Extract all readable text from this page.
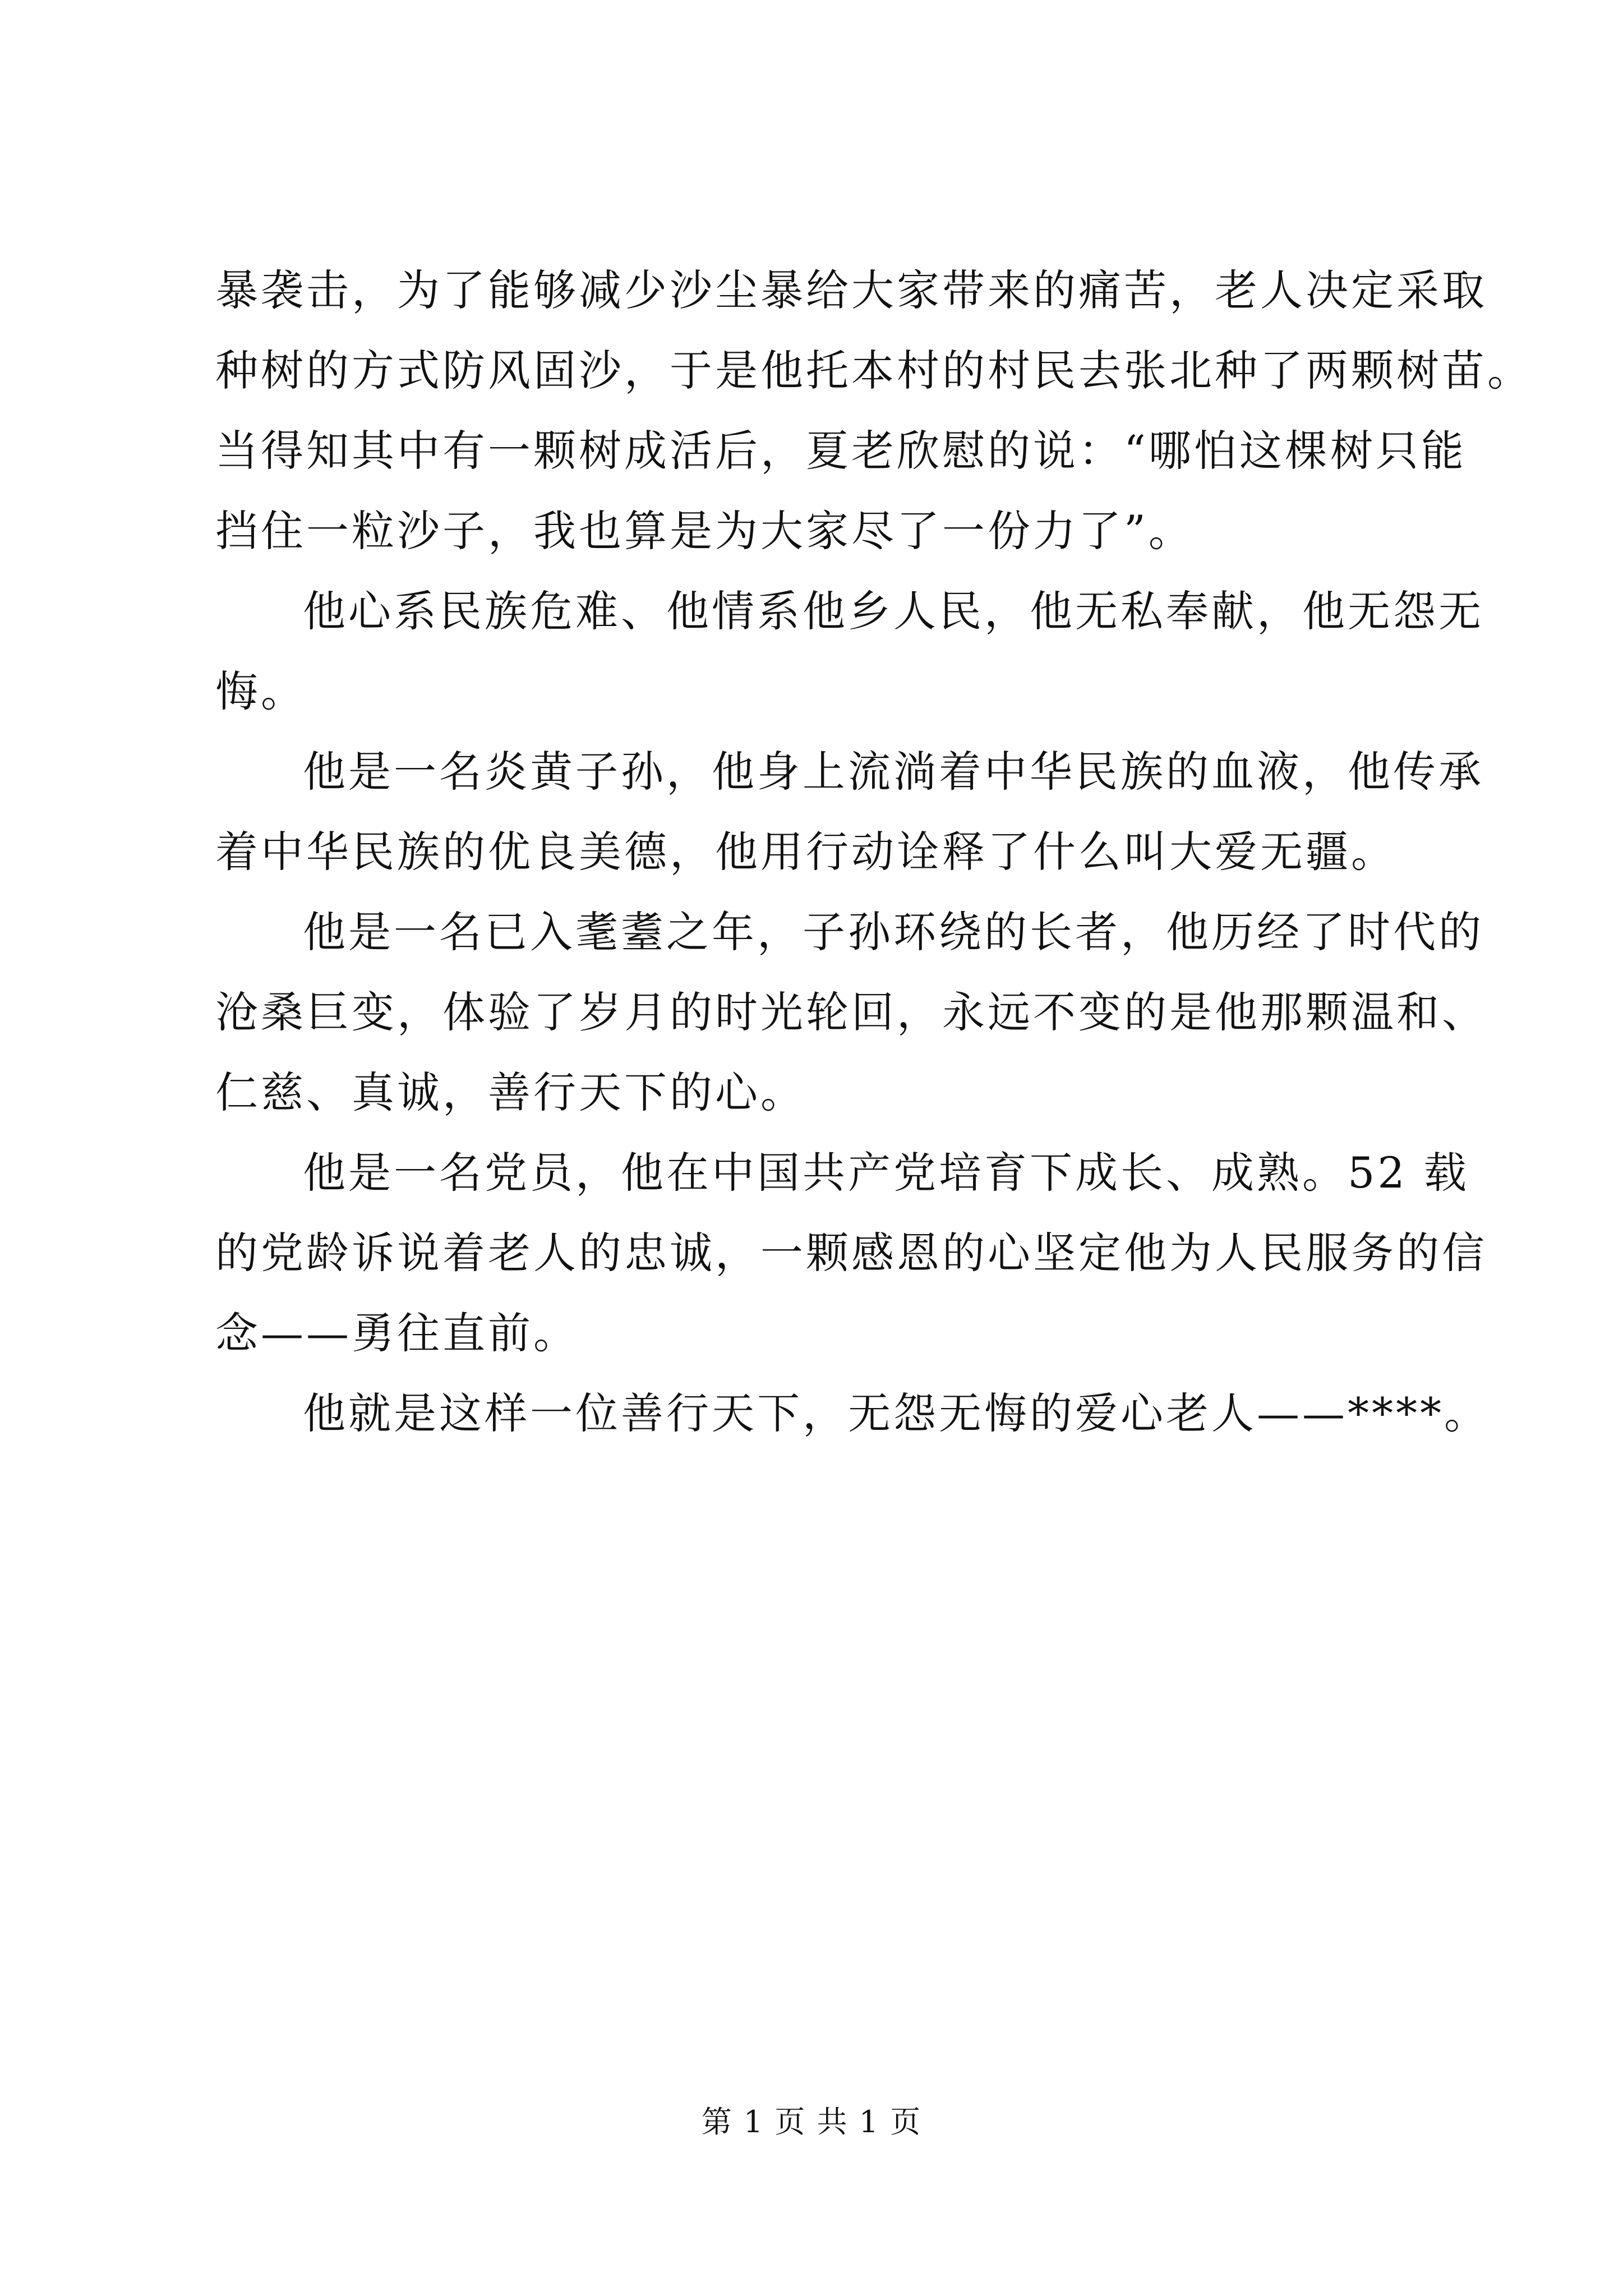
暴袭击，为了能够减少沙尘暴给大家带来的痛苦，老人决定采取
种树的方式防风固沙，于是他托本村的村民去张北种了两颗树苗。
当得知其中有一颗树成活后，夏老欣慰的说：“哪怕这棵树只能
挡住一粒沙子，我也算是为大家尽了一份力了”。
他心系民族危难、他情系他乡人民，他无私奉献，他无怨无
悔。
他是一名炎黄子孙，他身上流淌着中华民族的血液，他传承
着中华民族的优良美德，他用行动诠释了什么叫大爱无疆。
他是一名已入耄耋之年，子孙环绕的长者，他历经了时代的
沧桑巨变，体验了岁月的时光轮回，永远不变的是他那颗温和、
仁慈、真诚，善行天下的心。
他是一名党员，他在中国共产党培育下成长、成熟。52 载
的党龄诉说着老人的忠诚，一颗感恩的心坚定他为人民服务的信
念——勇往直前。
他就是这样一位善行天下，无怨无悔的爱心老人——****。
第 1 页 共 1 页
